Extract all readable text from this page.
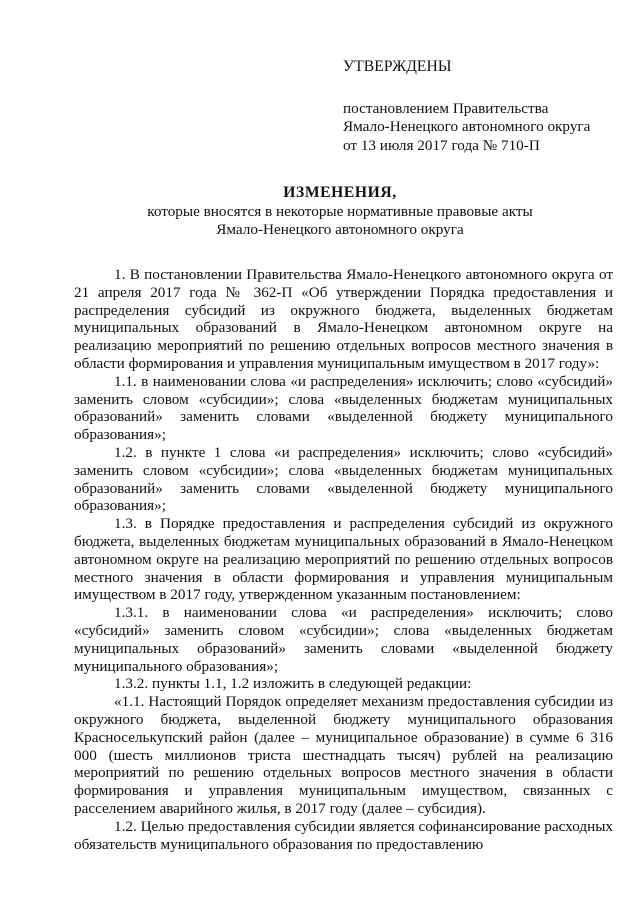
УТВЕРЖДЕНЫ
постановлением Правительства
Ямало-Ненецкого автономного округа
от 13 июля 2017 года № 710-П
ИЗМЕНЕНИЯ,
которые вносятся в некоторые нормативные правовые акты
Ямало-Ненецкого автономного округа

1. В постановлении Правительства Ямало-Ненецкого автономного округа от 21 апреля 2017 года № 362-П «Об утверждении Порядка предоставления и распределения субсидий из окружного бюджета, выделенных бюджетам муниципальных образований в Ямало-Ненецком автономном округе на реализацию мероприятий по решению отдельных вопросов местного значения в области формирования и управления муниципальным имуществом в 2017 году»:

1.1. в наименовании слова «и распределения» исключить; слово «субсидий» заменить словом «субсидии»; слова «выделенных бюджетам муниципальных образований» заменить словами «выделенной бюджету муниципального образования»;

1.2. в пункте 1 слова «и распределения» исключить; слово «субсидий» заменить словом «субсидии»; слова «выделенных бюджетам муниципальных образований» заменить словами «выделенной бюджету муниципального образования»;

1.3. в Порядке предоставления и распределения субсидий из окружного бюджета, выделенных бюджетам муниципальных образований в Ямало-Ненецком автономном округе на реализацию мероприятий по решению отдельных вопросов местного значения в области формирования и управления муниципальным имуществом в 2017 году, утвержденном указанным постановлением:

1.3.1. в наименовании слова «и распределения» исключить; слово «субсидий» заменить словом «субсидии»; слова «выделенных бюджетам муниципальных образований» заменить словами «выделенной бюджету муниципального образования»;

1.3.2. пункты 1.1, 1.2 изложить в следующей редакции:

«1.1. Настоящий Порядок определяет механизм предоставления субсидии из окружного бюджета, выделенной бюджету муниципального образования Красноселькупский район (далее – муниципальное образование) в сумме 6 316 000 (шесть миллионов триста шестнадцать тысяч) рублей на реализацию мероприятий по решению отдельных вопросов местного значения в области формирования и управления муниципальным имуществом, связанных с расселением аварийного жилья, в 2017 году (далее – субсидия).

1.2. Целью предоставления субсидии является софинансирование расходных обязательств муниципального образования по предоставлению
